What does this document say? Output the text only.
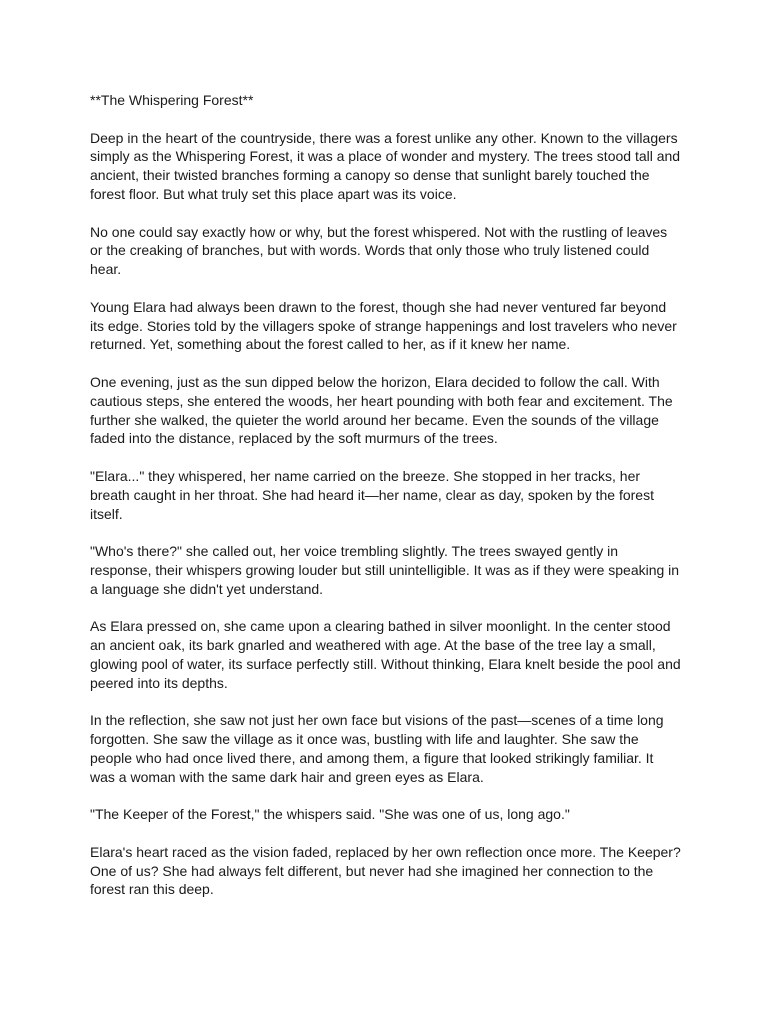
**The Whispering Forest**

Deep in the heart of the countryside, there was a forest unlike any other. Known to the villagers simply as the Whispering Forest, it was a place of wonder and mystery. The trees stood tall and ancient, their twisted branches forming a canopy so dense that sunlight barely touched the forest floor. But what truly set this place apart was its voice.

No one could say exactly how or why, but the forest whispered. Not with the rustling of leaves or the creaking of branches, but with words. Words that only those who truly listened could hear.

Young Elara had always been drawn to the forest, though she had never ventured far beyond its edge. Stories told by the villagers spoke of strange happenings and lost travelers who never returned. Yet, something about the forest called to her, as if it knew her name.

One evening, just as the sun dipped below the horizon, Elara decided to follow the call. With cautious steps, she entered the woods, her heart pounding with both fear and excitement. The further she walked, the quieter the world around her became. Even the sounds of the village faded into the distance, replaced by the soft murmurs of the trees.

"Elara..." they whispered, her name carried on the breeze. She stopped in her tracks, her breath caught in her throat. She had heard it—her name, clear as day, spoken by the forest itself.

"Who's there?" she called out, her voice trembling slightly. The trees swayed gently in response, their whispers growing louder but still unintelligible. It was as if they were speaking in a language she didn't yet understand.

As Elara pressed on, she came upon a clearing bathed in silver moonlight. In the center stood an ancient oak, its bark gnarled and weathered with age. At the base of the tree lay a small, glowing pool of water, its surface perfectly still. Without thinking, Elara knelt beside the pool and peered into its depths.

In the reflection, she saw not just her own face but visions of the past—scenes of a time long forgotten. She saw the village as it once was, bustling with life and laughter. She saw the people who had once lived there, and among them, a figure that looked strikingly familiar. It was a woman with the same dark hair and green eyes as Elara.

"The Keeper of the Forest," the whispers said. "She was one of us, long ago."

Elara's heart raced as the vision faded, replaced by her own reflection once more. The Keeper? One of us? She had always felt different, but never had she imagined her connection to the forest ran this deep.
